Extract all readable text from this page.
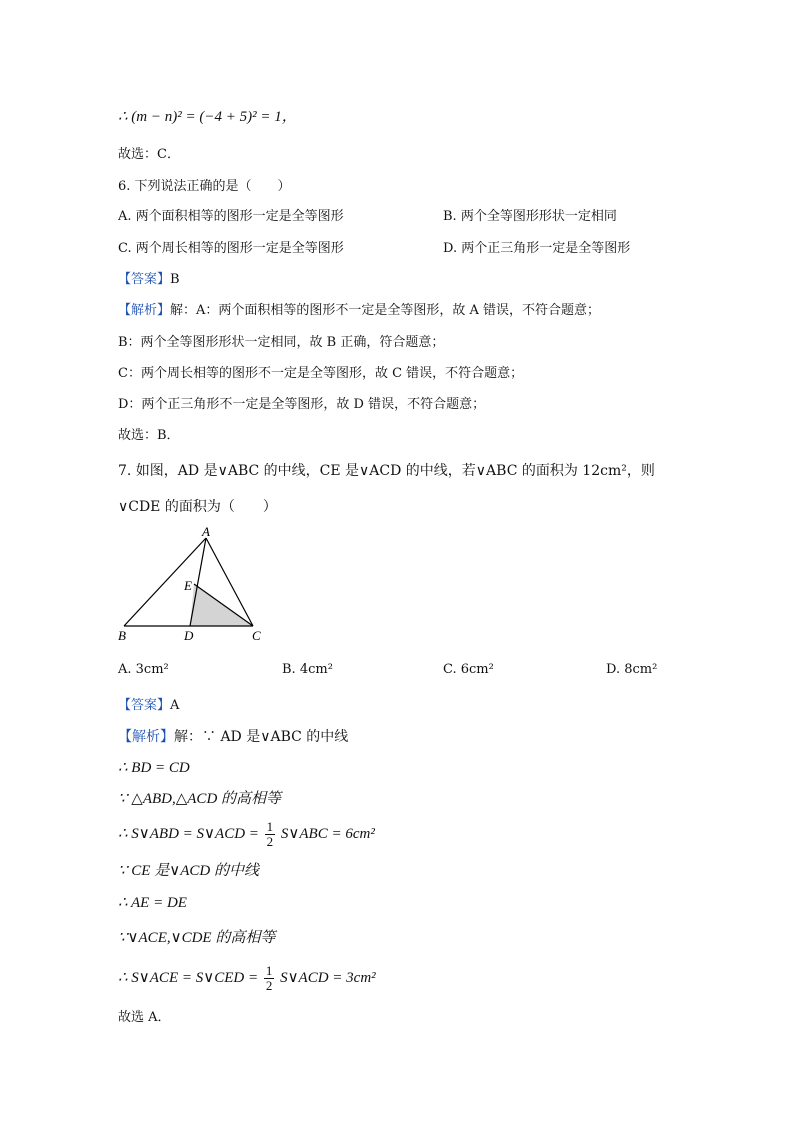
∴ (m − n)² = (−4 + 5)² = 1，
故选：C．
6. 下列说法正确的是（　　）
A. 两个面积相等的图形一定是全等图形	B. 两个全等图形形状一定相同
C. 两个周长相等的图形一定是全等图形	D. 两个正三角形一定是全等图形
【答案】B
【解析】解：A：两个面积相等的图形不一定是全等图形，故 A 错误，不符合题意；
B：两个全等图形形状一定相同，故 B 正确，符合题意；
C：两个周长相等的图形不一定是全等图形，故 C 错误，不符合题意；
D：两个正三角形不一定是全等图形，故 D 错误，不符合题意；
故选：B．
7. 如图，AD 是∨ABC 的中线，CE 是∨ACD 的中线，若∨ABC 的面积为 12cm²，则
∨CDE 的面积为（　　）
A
E
B	D	C
A. 3cm²	B. 4cm²	C. 6cm²	D. 8cm²
【答案】A
【解析】解：∵ AD 是∨ABC 的中线
∴ BD = CD
∵ △ABD,△ACD 的高相等
∴ S∨ABD = S∨ACD = $\frac{1}{2}$ S∨ABC = 6cm²
∵ CE 是∨ACD 的中线
∴ AE = DE
∵∨ACE,∨CDE 的高相等
∴ S∨ACE = S∨CED = $\frac{1}{2}$ S∨ACD = 3cm²
故选 A．
